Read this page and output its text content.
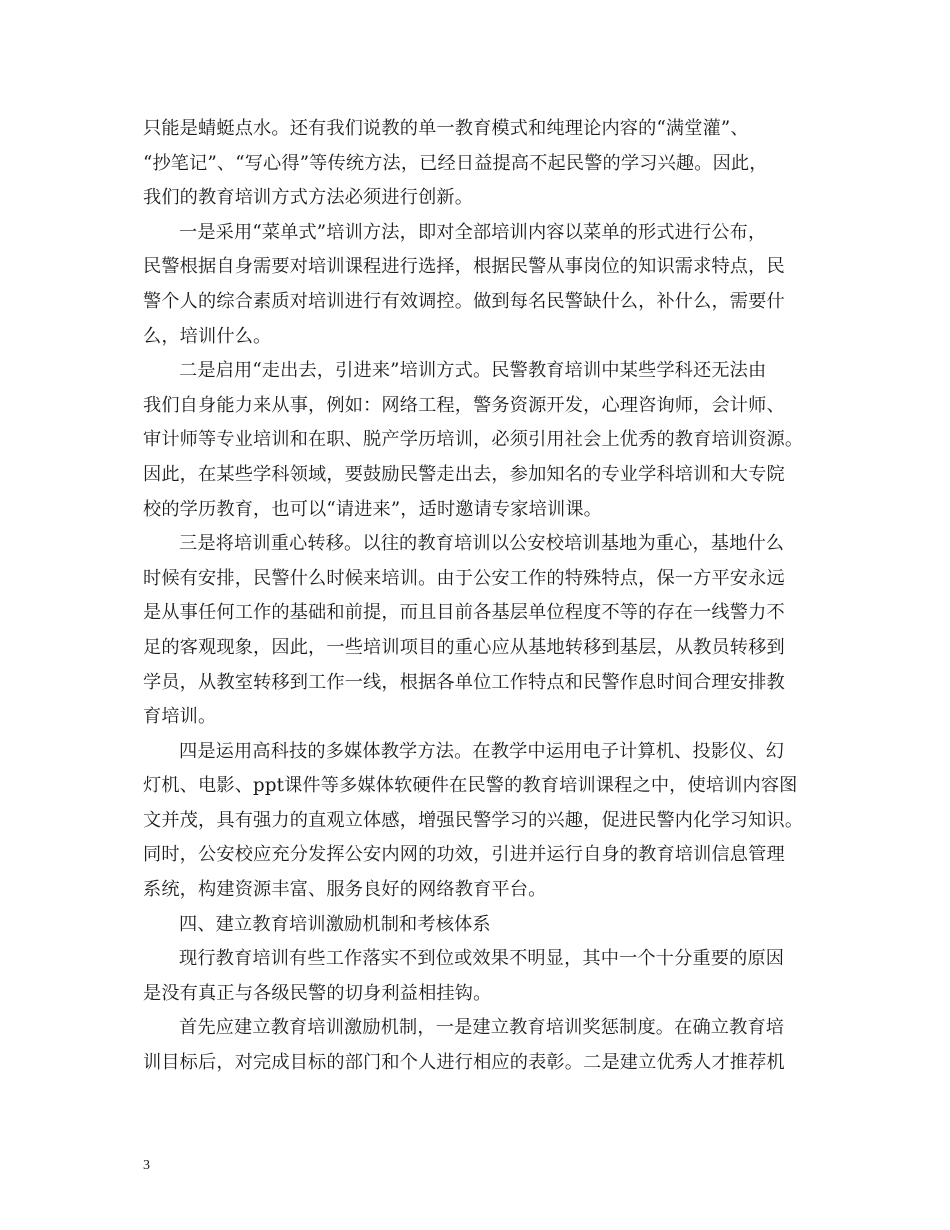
只能是蜻蜓点水。还有我们说教的单一教育模式和纯理论内容的“满堂灌”、
“抄笔记”、“写心得”等传统方法，已经日益提高不起民警的学习兴趣。因此，
我们的教育培训方式方法必须进行创新。
一是采用“菜单式”培训方法，即对全部培训内容以菜单的形式进行公布，
民警根据自身需要对培训课程进行选择，根据民警从事岗位的知识需求特点，民
警个人的综合素质对培训进行有效调控。做到每名民警缺什么，补什么，需要什
么，培训什么。
二是启用“走出去，引进来”培训方式。民警教育培训中某些学科还无法由
我们自身能力来从事，例如：网络工程，警务资源开发，心理咨询师，会计师、
审计师等专业培训和在职、脱产学历培训，必须引用社会上优秀的教育培训资源。
因此，在某些学科领域，要鼓励民警走出去，参加知名的专业学科培训和大专院
校的学历教育，也可以“请进来”，适时邀请专家培训课。
三是将培训重心转移。以往的教育培训以公安校培训基地为重心，基地什么
时候有安排，民警什么时候来培训。由于公安工作的特殊特点，保一方平安永远
是从事任何工作的基础和前提，而且目前各基层单位程度不等的存在一线警力不
足的客观现象，因此，一些培训项目的重心应从基地转移到基层，从教员转移到
学员，从教室转移到工作一线，根据各单位工作特点和民警作息时间合理安排教
育培训。
四是运用高科技的多媒体教学方法。在教学中运用电子计算机、投影仪、幻
灯机、电影、ppt课件等多媒体软硬件在民警的教育培训课程之中，使培训内容图
文并茂，具有强力的直观立体感，增强民警学习的兴趣，促进民警内化学习知识。
同时，公安校应充分发挥公安内网的功效，引进并运行自身的教育培训信息管理
系统，构建资源丰富、服务良好的网络教育平台。
四、建立教育培训激励机制和考核体系
现行教育培训有些工作落实不到位或效果不明显，其中一个十分重要的原因
是没有真正与各级民警的切身利益相挂钩。
首先应建立教育培训激励机制，一是建立教育培训奖惩制度。在确立教育培
训目标后，对完成目标的部门和个人进行相应的表彰。二是建立优秀人才推荐机
3
